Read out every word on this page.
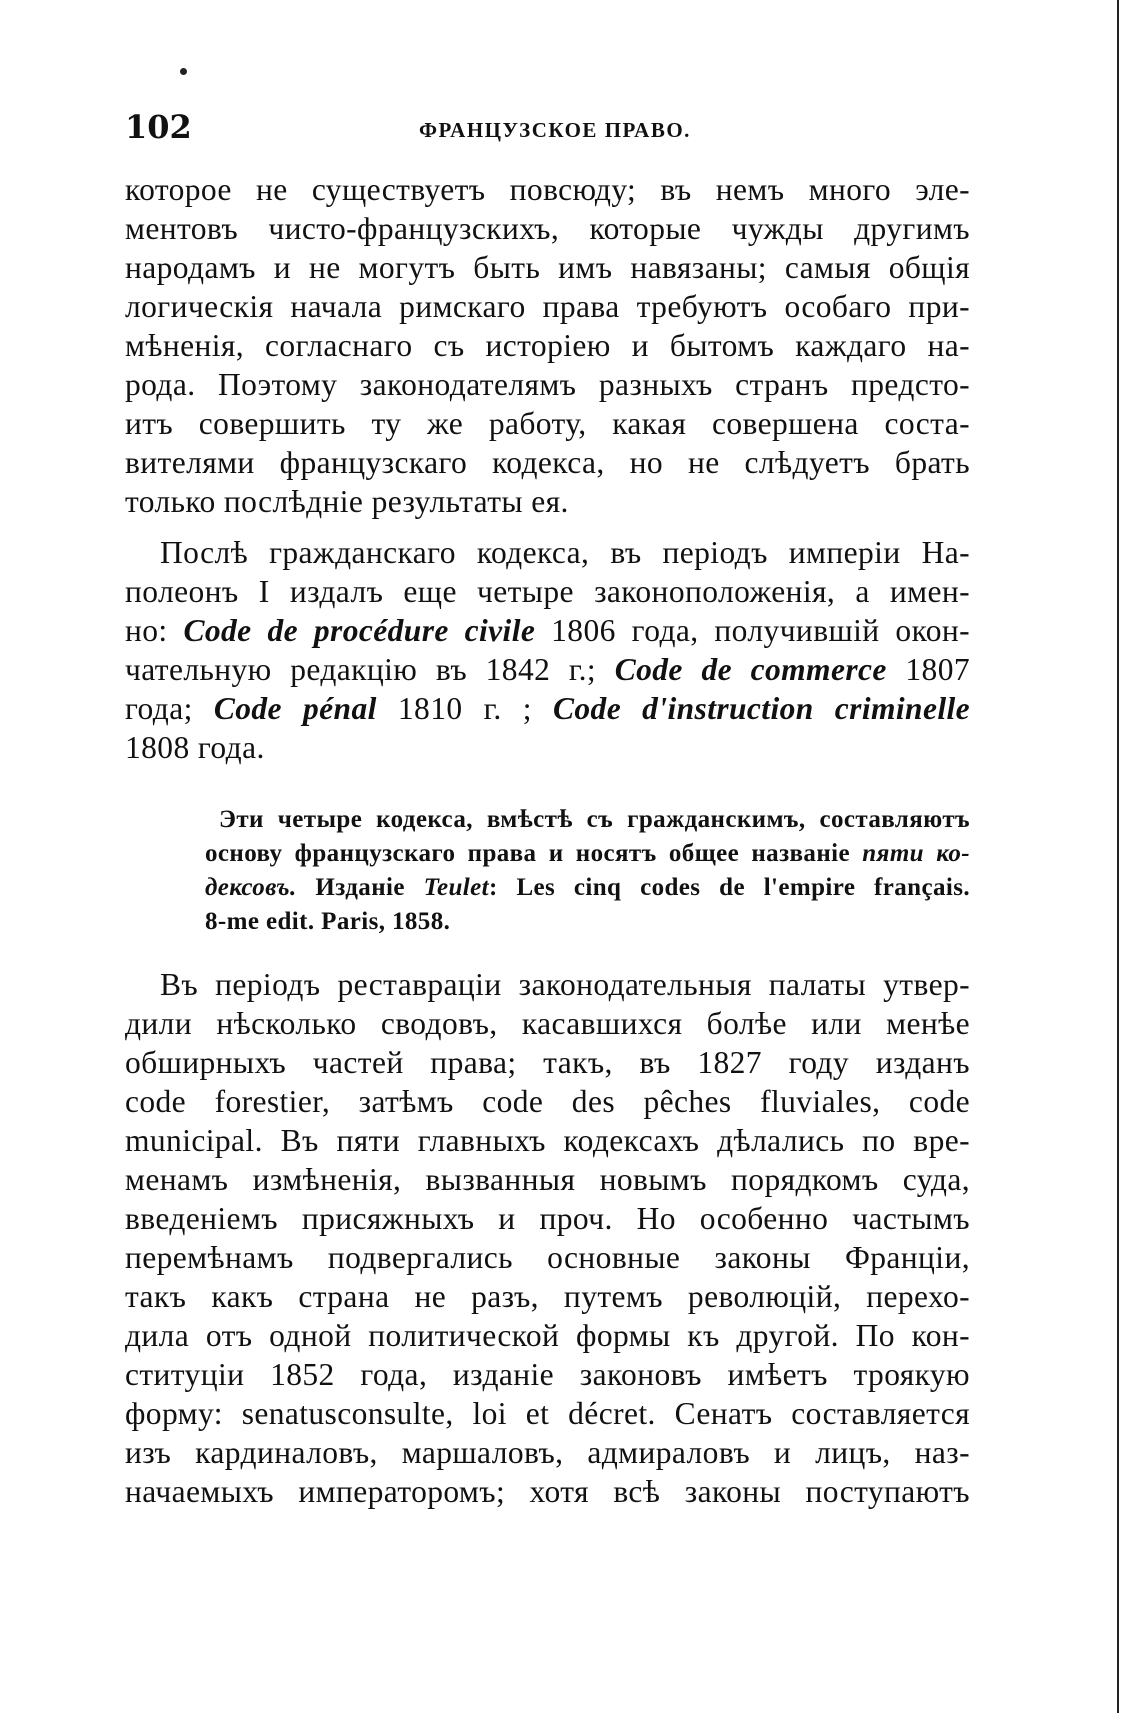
102	ФРАНЦУЗСКОЕ ПРАВО.
которое не существуетъ повсюду; въ немъ много эле-
ментовъ чисто-французскихъ, которые чужды другимъ
народамъ и не могутъ быть имъ навязаны; самыя общія
логическія начала римскаго права требуютъ особаго при-
мѣненія, согласнаго съ исторіею и бытомъ каждаго на-
рода. Поэтому законодателямъ разныхъ странъ предсто-
итъ совершить ту же работу, какая совершена соста-
вителями французскаго кодекса, но не слѣдуетъ брать
только послѣдніе результаты ея.
Послѣ гражданскаго кодекса, въ періодъ имперіи На-
полеонъ I издалъ еще четыре законоположенія, а имен-
но: Code de procédure civile 1806 года, получившій окон-
чательную редакцію въ 1842 г.; Code de commerce 1807
года; Code pénal 1810 г. ; Code d'instruction criminelle
1808 года.
Эти четыре кодекса, вмѣстѣ съ гражданскимъ, составляютъ
основу французскаго права и носятъ общее названіе пяти ко-
дексовъ. Изданіе Teulet: Les cinq codes de l'empire français.
8-me edit. Paris, 1858.
Въ періодъ реставраціи законодательныя палаты утвер-
дили нѣсколько сводовъ, касавшихся болѣе или менѣе
обширныхъ частей права; такъ, въ 1827 году изданъ
code forestier, затѣмъ code des pêches fluviales, code
municipal. Въ пяти главныхъ кодексахъ дѣлались по вре-
менамъ измѣненія, вызванныя новымъ порядкомъ суда,
введеніемъ присяжныхъ и проч. Но особенно частымъ
перемѣнамъ подвергались основные законы Франціи,
такъ какъ страна не разъ, путемъ революцій, перехо-
дила отъ одной политической формы къ другой. По кон-
ституціи 1852 года, изданіе законовъ имѣетъ троякую
форму: senatusconsulte, loi et décret. Сенатъ составляется
изъ кардиналовъ, маршаловъ, адмираловъ и лицъ, наз-
начаемыхъ императоромъ; хотя всѣ законы поступаютъ
